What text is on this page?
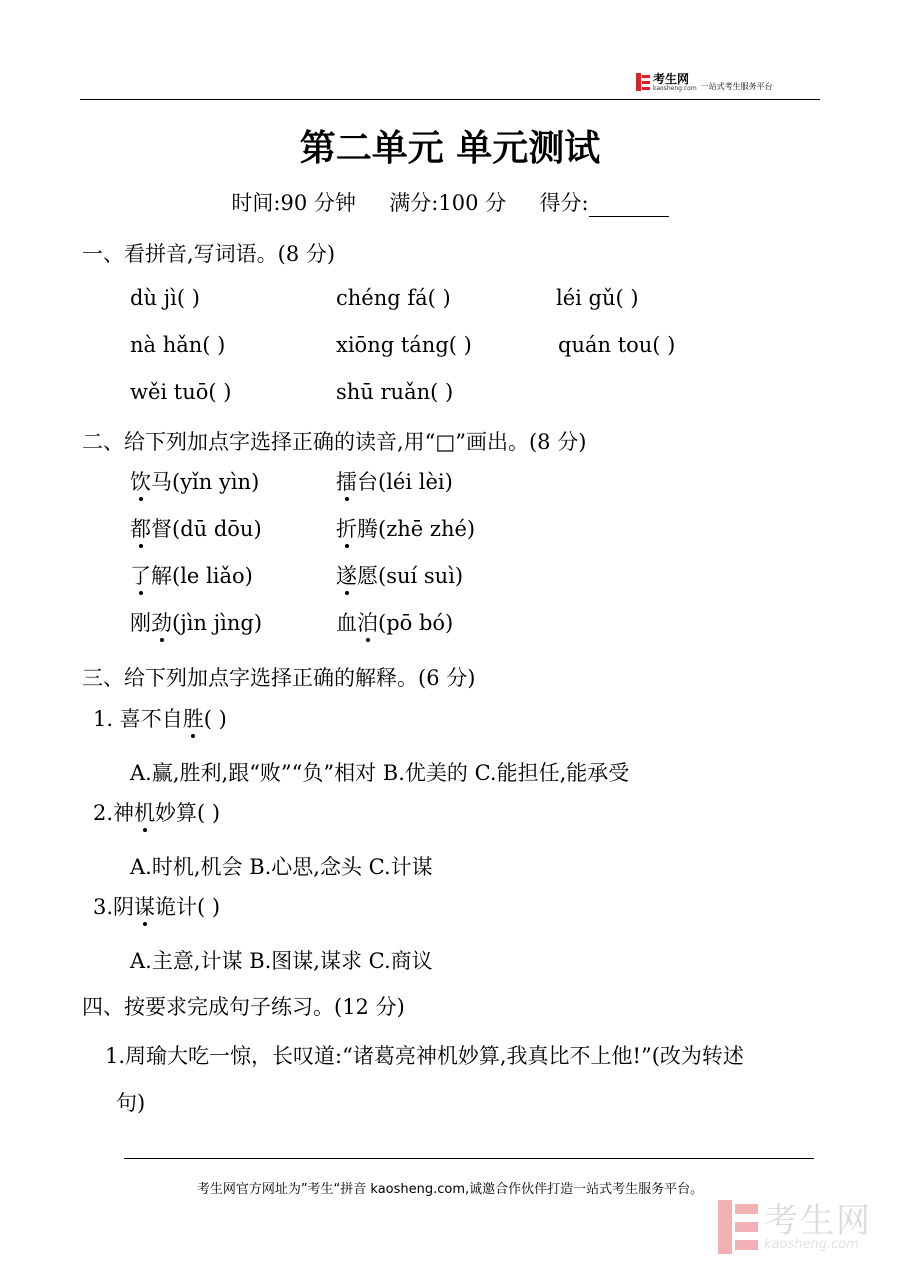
考生网
kaosheng.com 一站式考生服务平台
第二单元 单元测试
时间:90 分钟 满分:100 分 得分:
一、看拼音,写词语。(8 分)
dù jì( )	chéng fá( )	léi gǔ( )
nà hǎn( )	xiōng táng( )	quán tou( )
wěi tuō( )	shū ruǎn( )
二、给下列加点字选择正确的读音,用“□”画出。(8 分)
饮马(yǐn yìn)	擂台(léi lèi)
都督(dū dōu)	折腾(zhē zhé)
了解(le liǎo)	遂愿(suí suì)
刚劲(jìn jìng)	血泊(pō bó)
三、给下列加点字选择正确的解释。(6 分)
1. 喜不自胜( )
A.赢,胜利,跟“败”“负”相对 B.优美的 C.能担任,能承受
2.神机妙算( )
A.时机,机会 B.心思,念头 C.计谋
3.阴谋诡计( )
A.主意,计谋 B.图谋,谋求 C.商议
四、按要求完成句子练习。(12 分)
1.周瑜大吃一惊，长叹道:“诸葛亮神机妙算,我真比不上他!”(改为转述
句)
考生网官方网址为”考生“拼音 kaosheng.com,诚邀合作伙伴打造一站式考生服务平台。
考生网
kaosheng.com
